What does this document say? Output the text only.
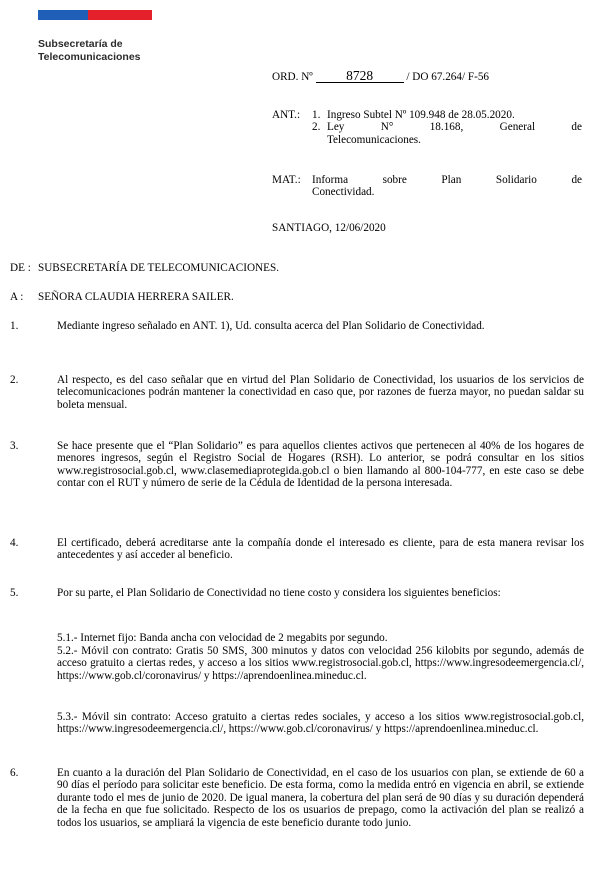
Subsecretaría de
Telecomunicaciones
ORD. Nº 8728	/ DO 67.264/ F-56
ANT.:	1. Ingreso Subtel Nº 109.948 de 28.05.2020.
2. Ley N° 18.168, General de
Telecomunicaciones.
MAT.:	Informa sobre Plan Solidario de
Conectividad.
SANTIAGO, 12/06/2020
DE : SUBSECRETARÍA DE TELECOMUNICACIONES.
A :	SEÑORA CLAUDIA HERRERA SAILER.
1.	Mediante ingreso señalado en ANT. 1), Ud. consulta acerca del Plan Solidario de Conectividad.
2.	Al respecto, es del caso señalar que en virtud del Plan Solidario de Conectividad, los usuarios de los servicios de telecomunicaciones podrán mantener la conectividad en caso que, por razones de fuerza mayor, no puedan saldar su boleta mensual.
3.	Se hace presente que el “Plan Solidario” es para aquellos clientes activos que pertenecen al 40% de los hogares de menores ingresos, según el Registro Social de Hogares (RSH). Lo anterior, se podrá consultar en los sitios www.registrosocial.gob.cl, www.clasemediaprotegida.gob.cl o bien llamando al 800-104-777, en este caso se debe contar con el RUT y número de serie de la Cédula de Identidad de la persona interesada.
4.	El certificado, deberá acreditarse ante la compañía donde el interesado es cliente, para de esta manera revisar los antecedentes y así acceder al beneficio.
5.	Por su parte, el Plan Solidario de Conectividad no tiene costo y considera los siguientes beneficios:
5.1.- Internet fijo: Banda ancha con velocidad de 2 megabits por segundo.
5.2.- Móvil con contrato: Gratis 50 SMS, 300 minutos y datos con velocidad 256 kilobits por segundo, además de acceso gratuito a ciertas redes, y acceso a los sitios www.registrosocial.gob.cl, https://www.ingresodeemergencia.cl/, https://www.gob.cl/coronavirus/ y https://aprendoenlinea.mineduc.cl.
5.3.- Móvil sin contrato: Acceso gratuito a ciertas redes sociales, y acceso a los sitios www.registrosocial.gob.cl, https://www.ingresodeemergencia.cl/, https://www.gob.cl/coronavirus/ y https://aprendoenlinea.mineduc.cl.
6.	En cuanto a la duración del Plan Solidario de Conectividad, en el caso de los usuarios con plan, se extiende de 60 a 90 días el período para solicitar este beneficio. De esta forma, como la medida entró en vigencia en abril, se extiende durante todo el mes de junio de 2020. De igual manera, la cobertura del plan será de 90 días y su duración dependerá de la fecha en que fue solicitado. Respecto de los os usuarios de prepago, como la activación del plan se realizó a todos los usuarios, se ampliará la vigencia de este beneficio durante todo junio.
